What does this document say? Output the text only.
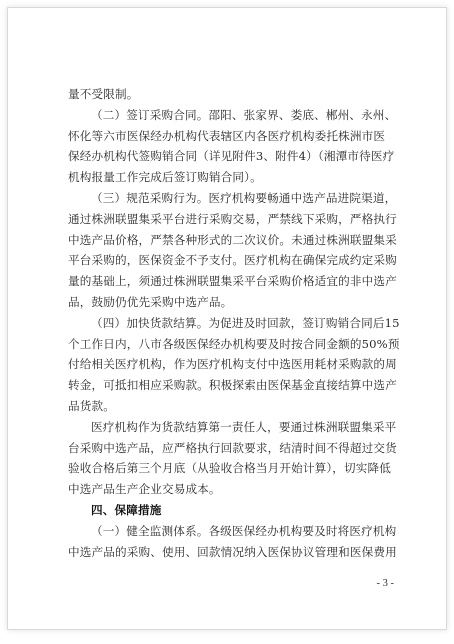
量不受限制。
（二）签订采购合同。邵阳、张家界、娄底、郴州、永州、
怀化等六市医保经办机构代表辖区内各医疗机构委托株洲市医
保经办机构代签购销合同（详见附件3、附件4）（湘潭市待医疗
机构报量工作完成后签订购销合同）。
（三）规范采购行为。医疗机构要畅通中选产品进院渠道，
通过株洲联盟集采平台进行采购交易，严禁线下采购，严格执行
中选产品价格，严禁各种形式的二次议价。未通过株洲联盟集采
平台采购的，医保资金不予支付。医疗机构在确保完成约定采购
量的基础上，须通过株洲联盟集采平台采购价格适宜的非中选产
品，鼓励仍优先采购中选产品。
（四）加快货款结算。为促进及时回款，签订购销合同后15
个工作日内，八市各级医保经办机构要及时按合同金额的50%预
付给相关医疗机构，作为医疗机构支付中选医用耗材采购款的周
转金，可抵扣相应采购款。积极探索由医保基金直接结算中选产
品货款。
医疗机构作为货款结算第一责任人，要通过株洲联盟集采平
台采购中选产品，应严格执行回款要求，结清时间不得超过交货
验收合格后第三个月底（从验收合格当月开始计算），切实降低
中选产品生产企业交易成本。
四、保障措施
（一）健全监测体系。各级医保经办机构要及时将医疗机构
中选产品的采购、使用、回款情况纳入医保协议管理和医保费用
- 3 -
